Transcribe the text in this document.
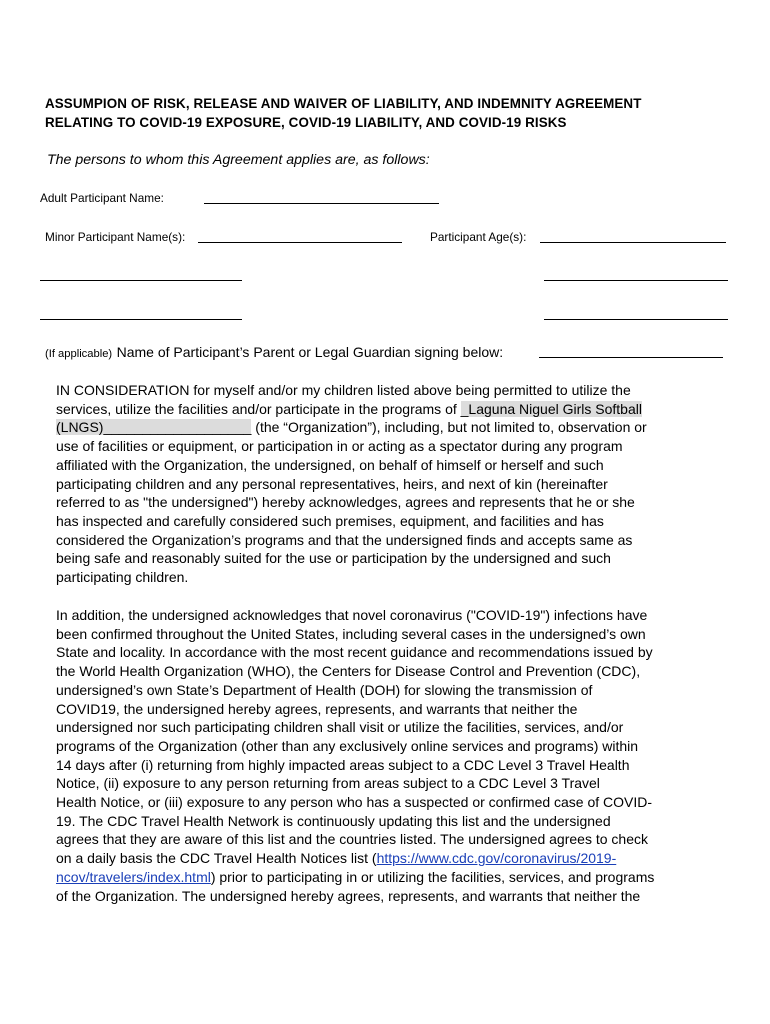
ASSUMPION OF RISK, RELEASE AND WAIVER OF LIABILITY, AND INDEMNITY AGREEMENT
RELATING TO COVID-19 EXPOSURE, COVID-19 LIABILITY, AND COVID-19 RISKS
The persons to whom this Agreement applies are, as follows:
Adult Participant Name:
Minor Participant Name(s):	Participant Age(s):
(If applicable) Name of Participant’s Parent or Legal Guardian signing below:
IN CONSIDERATION for myself and/or my children listed above being permitted to utilize the
services, utilize the facilities and/or participate in the programs of _Laguna Niguel Girls Softball
(LNGS)___________________ (the “Organization”), including, but not limited to, observation or
use of facilities or equipment, or participation in or acting as a spectator during any program
affiliated with the Organization, the undersigned, on behalf of himself or herself and such
participating children and any personal representatives, heirs, and next of kin (hereinafter
referred to as "the undersigned") hereby acknowledges, agrees and represents that he or she
has inspected and carefully considered such premises, equipment, and facilities and has
considered the Organization’s programs and that the undersigned finds and accepts same as
being safe and reasonably suited for the use or participation by the undersigned and such
participating children.
In addition, the undersigned acknowledges that novel coronavirus ("COVID-19") infections have
been confirmed throughout the United States, including several cases in the undersigned’s own
State and locality. In accordance with the most recent guidance and recommendations issued by
the World Health Organization (WHO), the Centers for Disease Control and Prevention (CDC),
undersigned’s own State’s Department of Health (DOH) for slowing the transmission of
COVID19, the undersigned hereby agrees, represents, and warrants that neither the
undersigned nor such participating children shall visit or utilize the facilities, services, and/or
programs of the Organization (other than any exclusively online services and programs) within
14 days after (i) returning from highly impacted areas subject to a CDC Level 3 Travel Health
Notice, (ii) exposure to any person returning from areas subject to a CDC Level 3 Travel
Health Notice, or (iii) exposure to any person who has a suspected or confirmed case of COVID-
19. The CDC Travel Health Network is continuously updating this list and the undersigned
agrees that they are aware of this list and the countries listed. The undersigned agrees to check
on a daily basis the CDC Travel Health Notices list (https://www.cdc.gov/coronavirus/2019-
ncov/travelers/index.html) prior to participating in or utilizing the facilities, services, and programs
of the Organization. The undersigned hereby agrees, represents, and warrants that neither the
